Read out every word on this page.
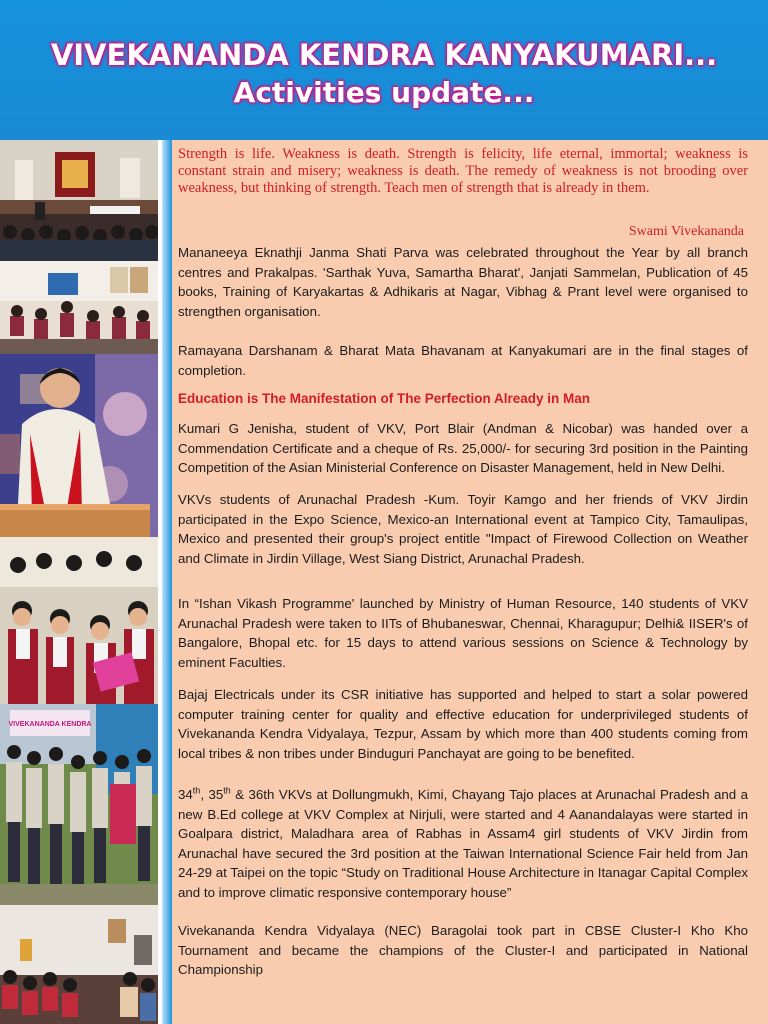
VIVEKANANDA KENDRA KANYAKUMARI...
Activities update...
VIVEKANANDA KENDRA

Strength is life. Weakness is death. Strength is felicity, life eternal, immortal; weakness is constant strain and misery; weakness is death. The remedy of weakness is not brooding over weakness, but thinking of strength. Teach men of strength that is already in them.

Swami Vivekananda

Mananeeya Eknathji Janma Shati Parva was celebrated throughout the Year by all branch centres and Prakalpas. 'Sarthak Yuva, Samartha Bharat', Janjati Sammelan, Publication of 45 books, Training of Karyakartas & Adhikaris at Nagar, Vibhag & Prant level were organised to strengthen organisation.

Ramayana Darshanam & Bharat Mata Bhavanam at Kanyakumari are in the final stages of completion.

Education is The Manifestation of The Perfection Already in Man

Kumari G Jenisha, student of VKV, Port Blair (Andman & Nicobar) was handed over a Commendation Certificate and a cheque of Rs. 25,000/- for securing 3rd position in the Painting Competition of the Asian Ministerial Conference on Disaster Management, held in New Delhi.

VKVs students of Arunachal Pradesh -Kum. Toyir Kamgo and her friends of VKV Jirdin participated in the Expo Science, Mexico-an International event at Tampico City, Tamaulipas, Mexico and presented their group's project entitle "Impact of Firewood Collection on Weather and Climate in Jirdin Village, West Siang District, Arunachal Pradesh.

In “Ishan Vikash Programme' launched by Ministry of Human Resource, 140 students of VKV Arunachal Pradesh were taken to IITs of Bhubaneswar, Chennai, Kharagupur; Delhi& IISER's of Bangalore, Bhopal etc. for 15 days to attend various sessions on Science & Technology by eminent Faculties.

Bajaj Electricals under its CSR initiative has supported and helped to start a solar powered computer training center for quality and effective education for underprivileged students of Vivekananda Kendra Vidyalaya, Tezpur, Assam by which more than 400 students coming from local tribes & non tribes under Binduguri Panchayat are going to be benefited.

34th, 35th & 36th VKVs at Dollungmukh, Kimi, Chayang Tajo places at Arunachal Pradesh and a new B.Ed college at VKV Complex at Nirjuli, were started and 4 Aanandalayas were started in Goalpara district, Maladhara area of Rabhas in Assam4 girl students of VKV Jirdin from Arunachal have secured the 3rd position at the Taiwan International Science Fair held from Jan 24-29 at Taipei on the topic “Study on Traditional House Architecture in Itanagar Capital Complex and to improve climatic responsive contemporary house”

Vivekananda Kendra Vidyalaya (NEC) Baragolai took part in CBSE Cluster-I Kho Kho Tournament and became the champions of the Cluster-I and participated in National Championship
